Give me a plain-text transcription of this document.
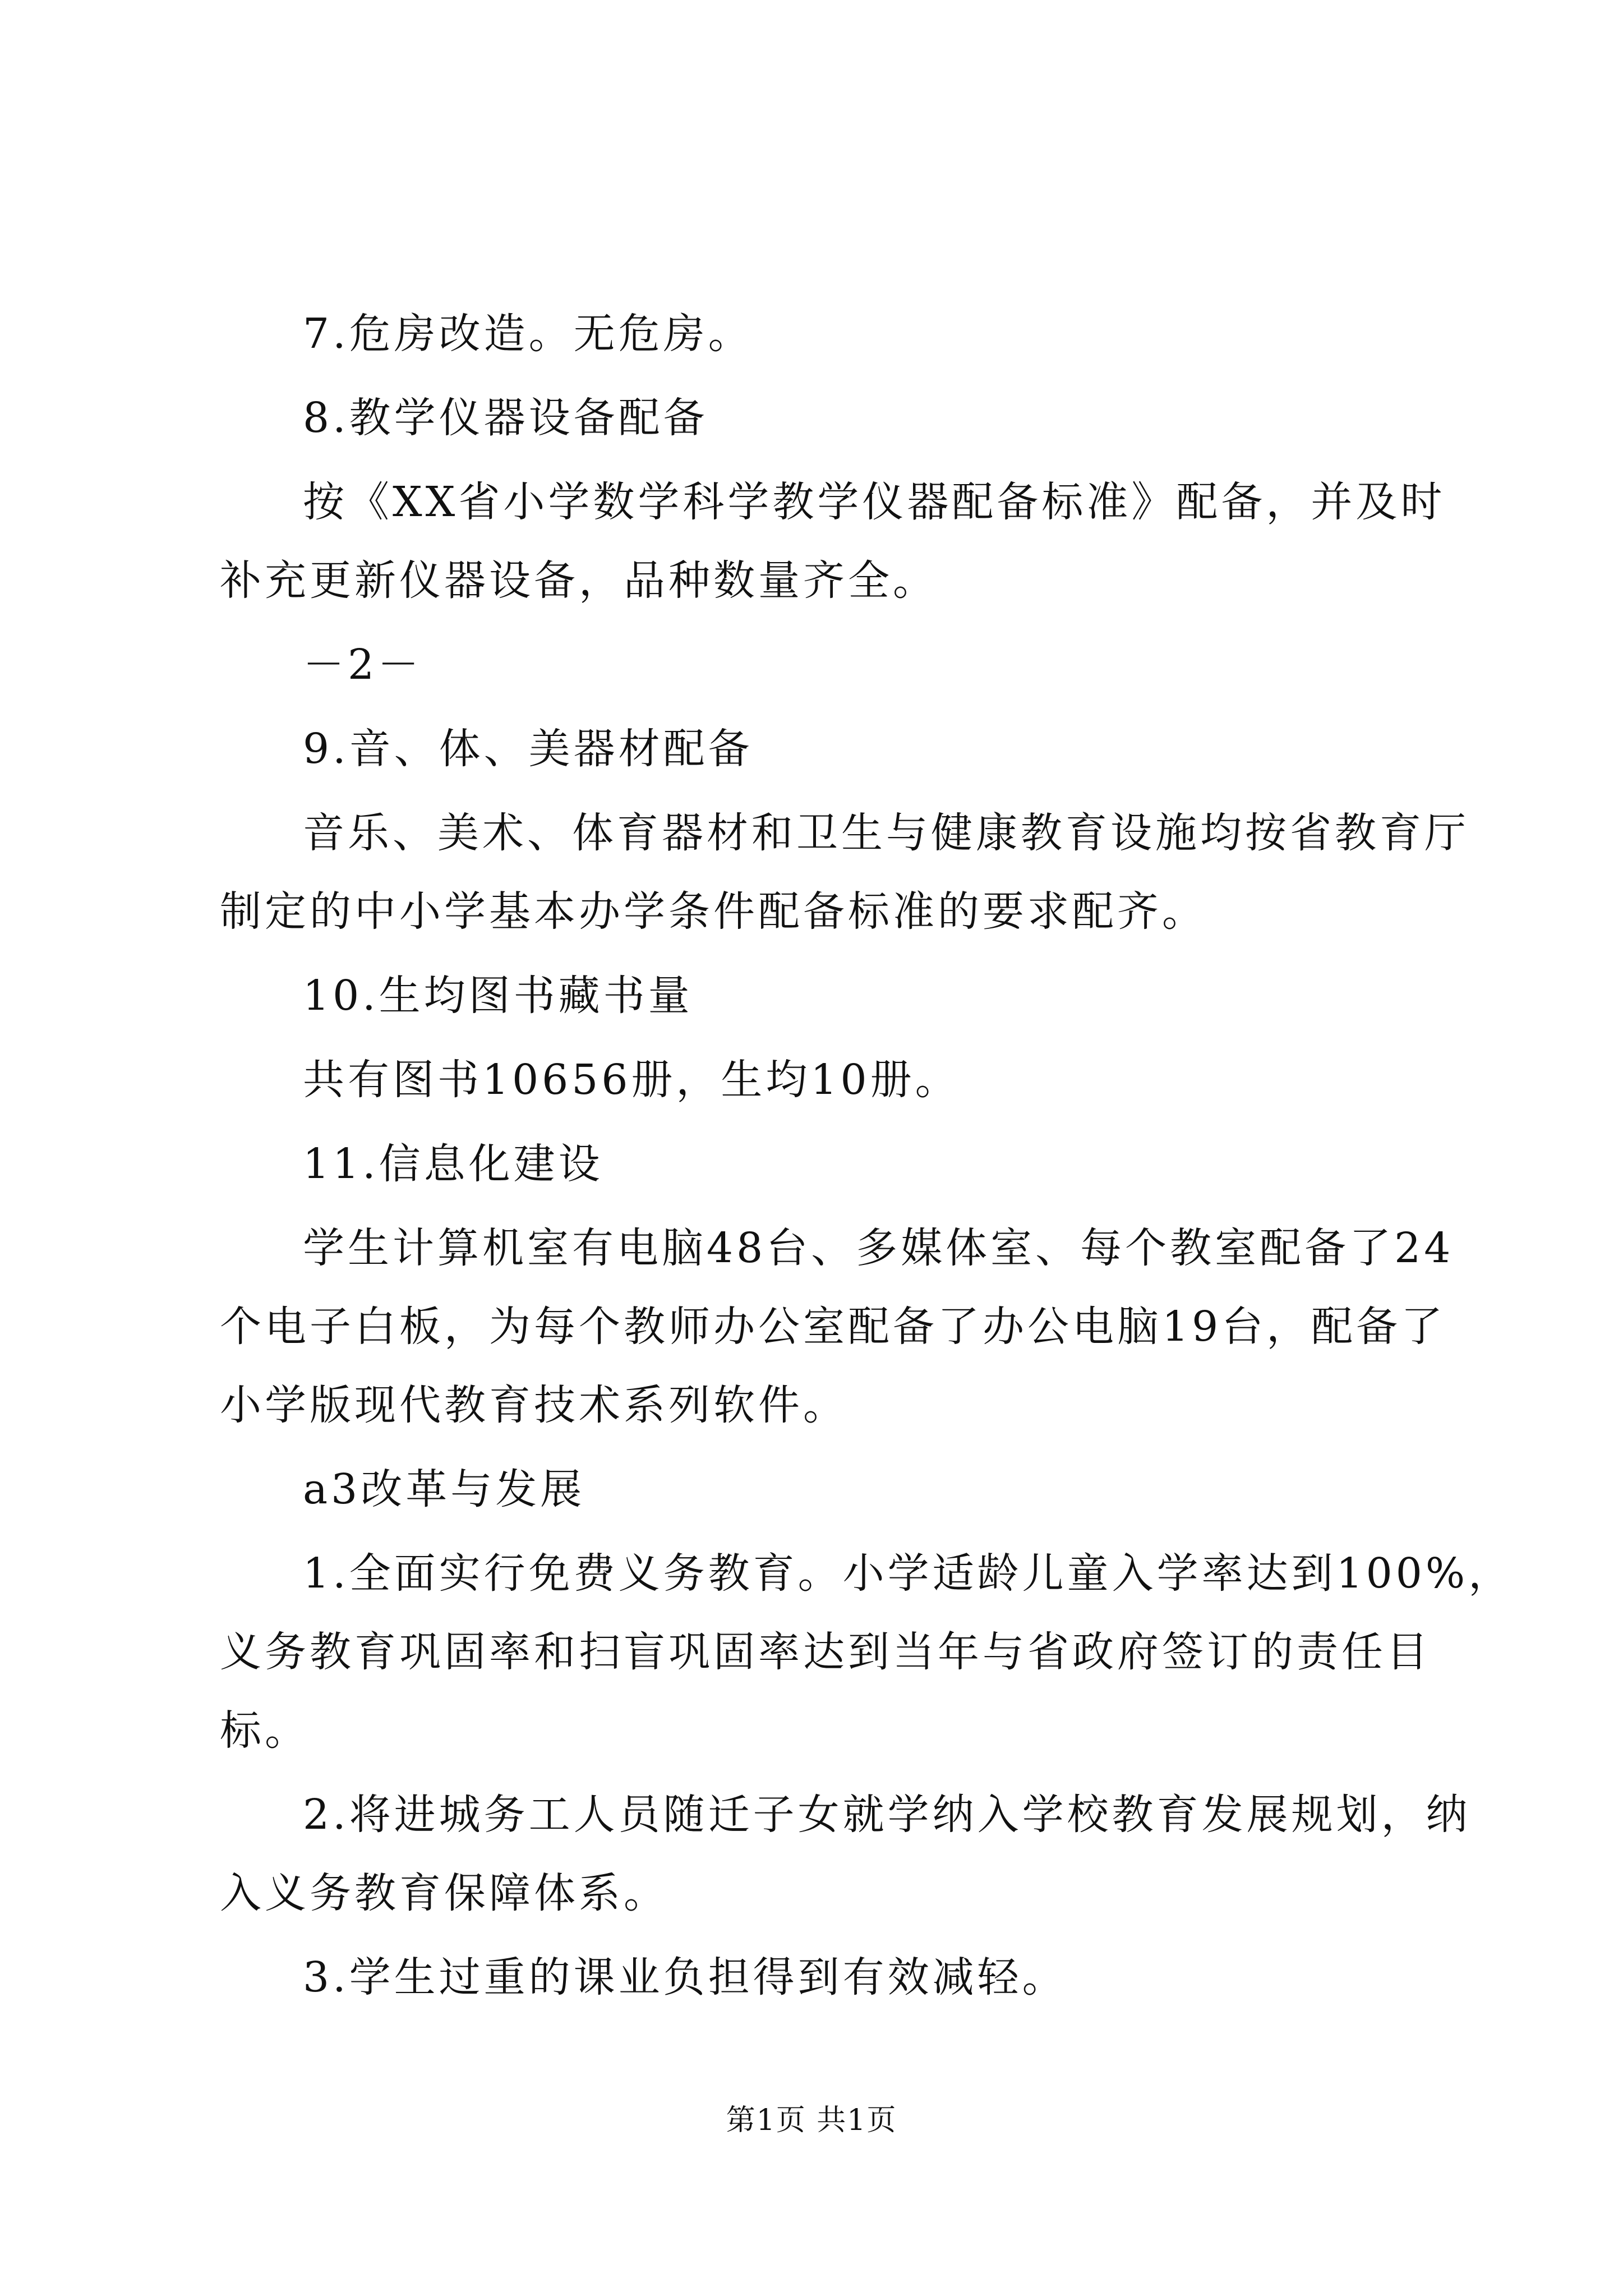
7.危房改造。无危房。

8.教学仪器设备配备

按《XX省小学数学科学教学仪器配备标准》配备，并及时

补充更新仪器设备，品种数量齐全。

－2－

9.音、体、美器材配备

音乐、美术、体育器材和卫生与健康教育设施均按省教育厅

制定的中小学基本办学条件配备标准的要求配齐。

10.生均图书藏书量

共有图书10656册，生均10册。

11.信息化建设

学生计算机室有电脑48台、多媒体室、每个教室配备了24

个电子白板，为每个教师办公室配备了办公电脑19台，配备了

小学版现代教育技术系列软件。

a3改革与发展

1.全面实行免费义务教育。小学适龄儿童入学率达到100%，

义务教育巩固率和扫盲巩固率达到当年与省政府签订的责任目

标。

2.将进城务工人员随迁子女就学纳入学校教育发展规划，纳

入义务教育保障体系。

3.学生过重的课业负担得到有效减轻。

第1页 共1页
